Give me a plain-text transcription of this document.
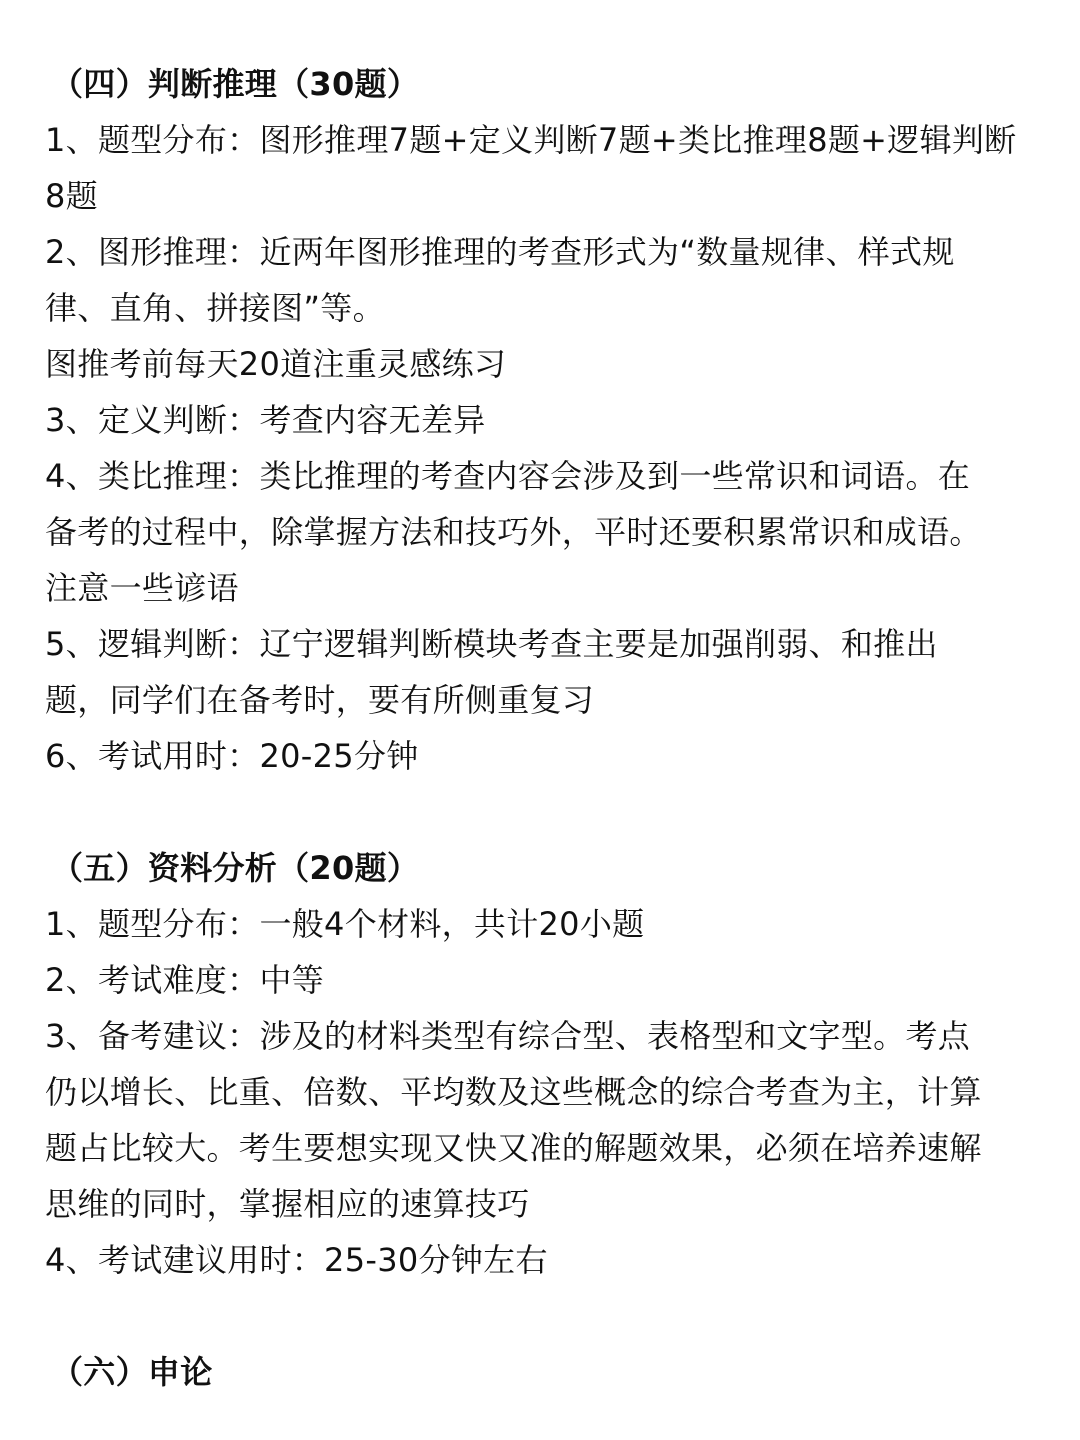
（四）判断推理（30题）
1、题型分布：图形推理7题+定义判断7题+类比推理8题+逻辑判断
8题
2、图形推理：近两年图形推理的考查形式为“数量规律、样式规
律、直角、拼接图”等。
图推考前每天20道注重灵感练习
3、定义判断：考查内容无差异
4、类比推理：类比推理的考查内容会涉及到一些常识和词语。在
备考的过程中，除掌握方法和技巧外，平时还要积累常识和成语。
注意一些谚语
5、逻辑判断：辽宁逻辑判断模块考查主要是加强削弱、和推出
题，同学们在备考时，要有所侧重复习
6、考试用时：20-25分钟
（五）资料分析（20题）
1、题型分布：一般4个材料，共计20小题
2、考试难度：中等
3、备考建议：涉及的材料类型有综合型、表格型和文字型。考点
仍以增长、比重、倍数、平均数及这些概念的综合考查为主，计算
题占比较大。考生要想实现又快又准的解题效果，必须在培养速解
思维的同时，掌握相应的速算技巧
4、考试建议用时：25-30分钟左右
（六）申论
